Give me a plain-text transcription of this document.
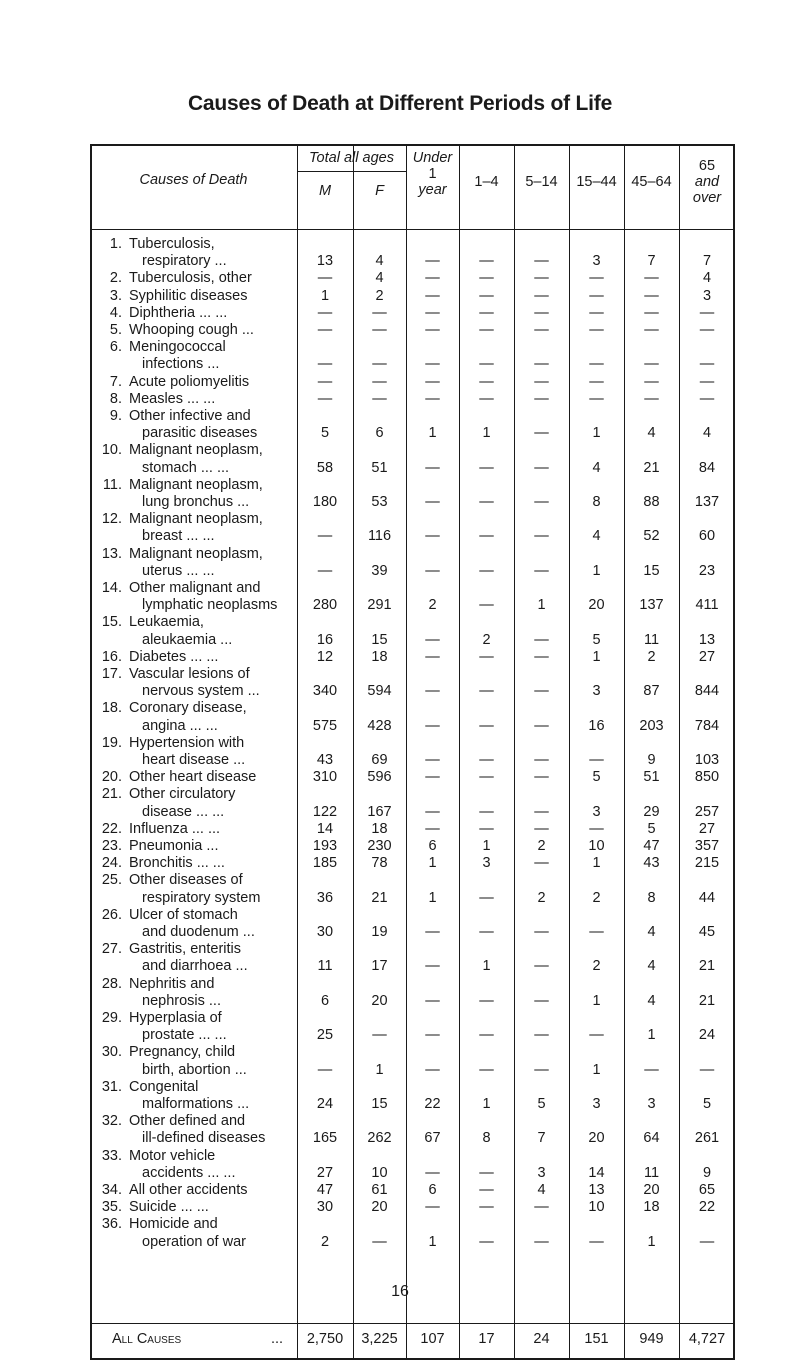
Causes of Death at Different Periods of Life
Causes of Death
Total all ages
M	F
Under
1
year	1–4	5–14	15–44	45–64
65
and
over
1. Tuberculosis,
respiratory ...	13	4	—	—	—	3	7	7
2. Tuberculosis, other	—	4	—	—	—	—	—	4
3. Syphilitic diseases	1	2	—	—	—	—	—	3
4. Diphtheria ... ...	—	—	—	—	—	—	—	—
5. Whooping cough ...	—	—	—	—	—	—	—	—
6. Meningococcal
infections ...	—	—	—	—	—	—	—	—
7. Acute poliomyelitis	—	—	—	—	—	—	—	—
8. Measles ... ...	—	—	—	—	—	—	—	—
9. Other infective and
parasitic diseases	5	6	1	1	—	1	4	4
10. Malignant neoplasm,
stomach ... ...	58	51	—	—	—	4	21	84
11. Malignant neoplasm,
lung bronchus ...	180	53	—	—	—	8	88	137
12. Malignant neoplasm,
breast ... ...	—	116	—	—	—	4	52	60
13. Malignant neoplasm,
uterus ... ...	—	39	—	—	—	1	15	23
14. Other malignant and
lymphatic neoplasms	280	291	2	—	1	20	137	411
15. Leukaemia,
aleukaemia ...	16	15	—	2	—	5	11	13
16. Diabetes ... ...	12	18	—	—	—	1	2	27
17. Vascular lesions of
nervous system ...	340	594	—	—	—	3	87	844
18. Coronary disease,
angina ... ...	575	428	—	—	—	16	203	784
19. Hypertension with
heart disease ...	43	69	—	—	—	—	9	103
20. Other heart disease	310	596	—	—	—	5	51	850
21. Other circulatory
disease ... ...	122	167	—	—	—	3	29	257
22. Influenza ... ...	14	18	—	—	—	—	5	27
23. Pneumonia ...	193	230	6	1	2	10	47	357
24. Bronchitis ... ...	185	78	1	3	—	1	43	215
25. Other diseases of
respiratory system	36	21	1	—	2	2	8	44
26. Ulcer of stomach
and duodenum ...	30	19	—	—	—	—	4	45
27. Gastritis, enteritis
and diarrhoea ...	11	17	—	1	—	2	4	21
28. Nephritis and
nephrosis ...	6	20	—	—	—	1	4	21
29. Hyperplasia of
prostate ... ...	25	—	—	—	—	—	1	24
30. Pregnancy, child
birth, abortion ...	—	1	—	—	—	1	—	—
31. Congenital
malformations ...	24	15	22	1	5	3	3	5
32. Other defined and
ill-defined diseases	165	262	67	8	7	20	64	261
33. Motor vehicle
accidents ... ...	27	10	—	—	3	14	11	9
34. All other accidents	47	61	6	—	4	13	20	65
35. Suicide ... ...	30	20	—	—	—	10	18	22
36. Homicide and
operation of war	2	—	1	—	—	—	1	—
All Causes	...	2,750	3,225	107	17	24	151	949	4,727
16
